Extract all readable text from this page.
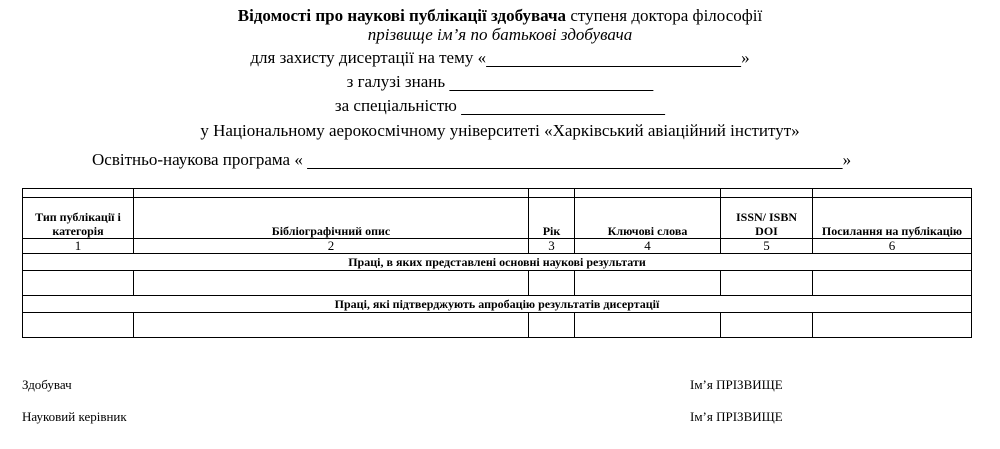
Відомості про наукові публікації здобувача ступеня доктора філософії
прізвище ім’я по батькові здобувача
для захисту дисертації на тему «	»
з галузі знань
за спеціальністю
у Національному аерокосмічному університеті «Харківський авіаційний інститут»
Освітньо-наукова програма «	»

Тип публікації і категорія	Бібліографічний опис	Рік	Ключові слова	ISSN/ ISBN DOI	Посилання на публікацію
1	2	3	4	5	6
Праці, в яких представлені основні наукові результати					

Праці, які підтверджують апробацію результатів дисертації					

Здобувач	Ім’я ПРІЗВИЩЕ
Науковий керівник	Ім’я ПРІЗВИЩЕ
